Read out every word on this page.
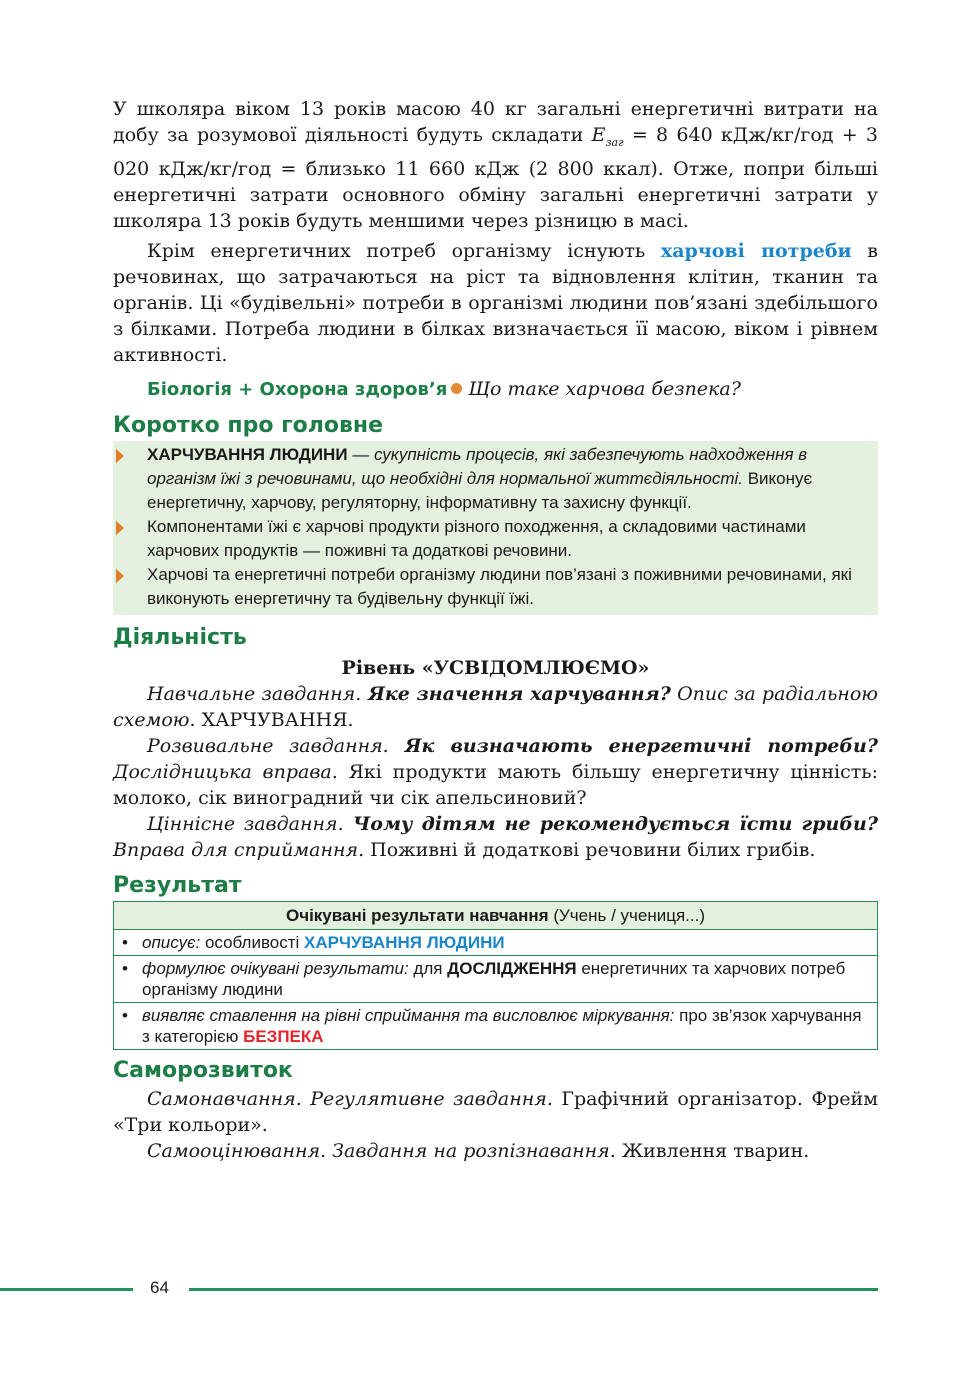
У школяра віком 13 років масою 40 кг загальні енергетичні витрати на добу за розумової діяльності будуть складати $E_{заг} = 8$ 640 кДж/кг/год + 3 020 кДж/кг/год = близько 11 660 кДж (2 800 ккал). Отже, попри більші енергетичні затрати основного обміну загальні енергетичні затрати у школяра 13 років будуть меншими через різницю в масі.

Крім енергетичних потреб організму існують харчові потреби в речовинах, що затрачаються на ріст та відновлення клітин, тканин та органів. Ці «будівельні» потреби в організмі людини пов’язані здебільшого з білками. Потреба людини в білках визначається її масою, віком і рівнем активності.

Біологія + Охорона здоров’я Що таке харчова безпека?
Коротко про головне
ХАРЧУВАННЯ ЛЮДИНИ — сукупність процесів, які забезпечують надходження в організм їжі з речовинами, що необхідні для нормальної життєдіяльності. Виконує енергетичну, харчову, регуляторну, інформативну та захисну функції.
Компонентами їжі є харчові продукти різного походження, а складовими частинами харчових продуктів — поживні та додаткові речовини.
Харчові та енергетичні потреби організму людини пов’язані з поживними речовинами, які виконують енергетичну та будівельну функції їжі.
Діяльність
Рівень «УСВІДОМЛЮЄМО»

Навчальне завдання. Яке значення харчування? Опис за радіальною схемою. ХАРЧУВАННЯ.

Розвивальне завдання. Як визначають енергетичні потреби? Дослідницька вправа. Які продукти мають більшу енергетичну цінність: молоко, сік виноградний чи сік апельсиновий?

Ціннісне завдання. Чому дітям не рекомендується їсти гриби? Вправа для сприймання. Поживні й додаткові речовини білих грибів.

Результат
Очікувані результати навчання (Учень / учениця...)

• описує: особливості ХАРЧУВАННЯ ЛЮДИНИ

• формулює очікувані результати: для ДОСЛІДЖЕННЯ енергетичних та харчових потреб організму людини

• виявляє ставлення на рівні сприймання та висловлює міркування: про зв’язок харчування з категорією БЕЗПЕКА
Саморозвиток

Самонавчання. Регулятивне завдання. Графічний організатор. Фрейм «Три кольори».

Самооцінювання. Завдання на розпізнавання. Живлення тварин.

64
